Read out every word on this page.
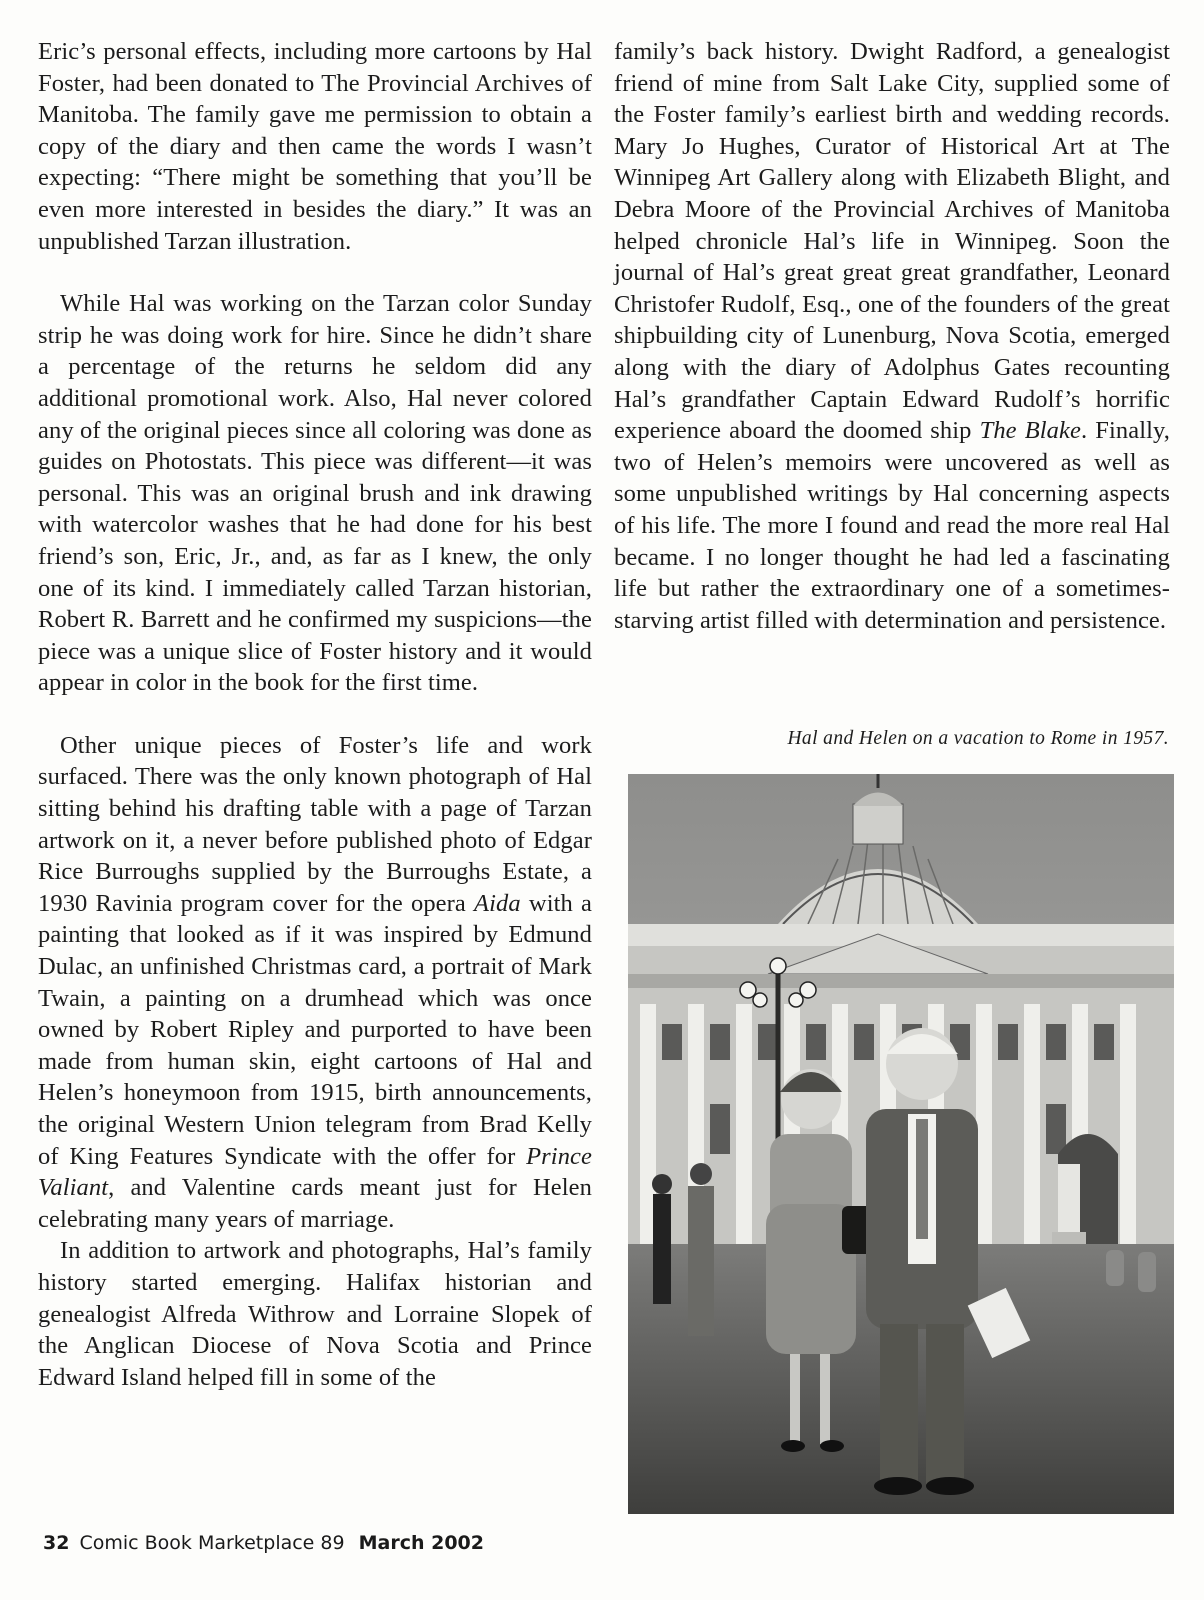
Eric’s personal effects, including more cartoons by Hal Foster, had been donated to The Provincial Archives of Manitoba. The family gave me permission to obtain a copy of the diary and then came the words I wasn’t expecting: “There might be something that you’ll be even more interested in besides the diary.” It was an unpublished Tarzan illustration.

While Hal was working on the Tarzan color Sunday strip he was doing work for hire. Since he didn’t share a percentage of the returns he seldom did any additional promotional work. Also, Hal never colored any of the original pieces since all coloring was done as guides on Photostats. This piece was different—it was personal. This was an original brush and ink drawing with watercolor washes that he had done for his best friend’s son, Eric, Jr., and, as far as I knew, the only one of its kind. I immediately called Tarzan historian, Robert R. Barrett and he confirmed my suspicions—the piece was a unique slice of Foster history and it would appear in color in the book for the first time.

Other unique pieces of Foster’s life and work surfaced. There was the only known photograph of Hal sitting behind his drafting table with a page of Tarzan artwork on it, a never before published photo of Edgar Rice Burroughs supplied by the Burroughs Estate, a 1930 Ravinia program cover for the opera Aida with a painting that looked as if it was inspired by Edmund Dulac, an unfinished Christmas card, a portrait of Mark Twain, a painting on a drumhead which was once owned by Robert Ripley and purported to have been made from human skin, eight cartoons of Hal and Helen’s honeymoon from 1915, birth announcements, the original Western Union telegram from Brad Kelly of King Features Syndicate with the offer for Prince Valiant, and Valentine cards meant just for Helen celebrating many years of marriage.

In addition to artwork and photographs, Hal’s family history started emerging. Halifax historian and genealogist Alfreda Withrow and Lorraine Slopek of the Anglican Diocese of Nova Scotia and Prince Edward Island helped fill in some of the

family’s back history. Dwight Radford, a genealogist friend of mine from Salt Lake City, supplied some of the Foster family’s earliest birth and wedding records. Mary Jo Hughes, Curator of Historical Art at The Winnipeg Art Gallery along with Elizabeth Blight, and Debra Moore of the Provincial Archives of Manitoba helped chronicle Hal’s life in Winnipeg. Soon the journal of Hal’s great great great grandfather, Leonard Christofer Rudolf, Esq., one of the founders of the great shipbuilding city of Lunenburg, Nova Scotia, emerged along with the diary of Adolphus Gates recounting Hal’s grandfather Captain Edward Rudolf’s horrific experience aboard the doomed ship The Blake. Finally, two of Helen’s memoirs were uncovered as well as some unpublished writings by Hal concerning aspects of his life. The more I found and read the more real Hal became. I no longer thought he had led a fascinating life but rather the extraordinary one of a sometimes-starving artist filled with determination and persistence.

Hal and Helen on a vacation to Rome in 1957.
32 Comic Book Marketplace 89 March 2002
